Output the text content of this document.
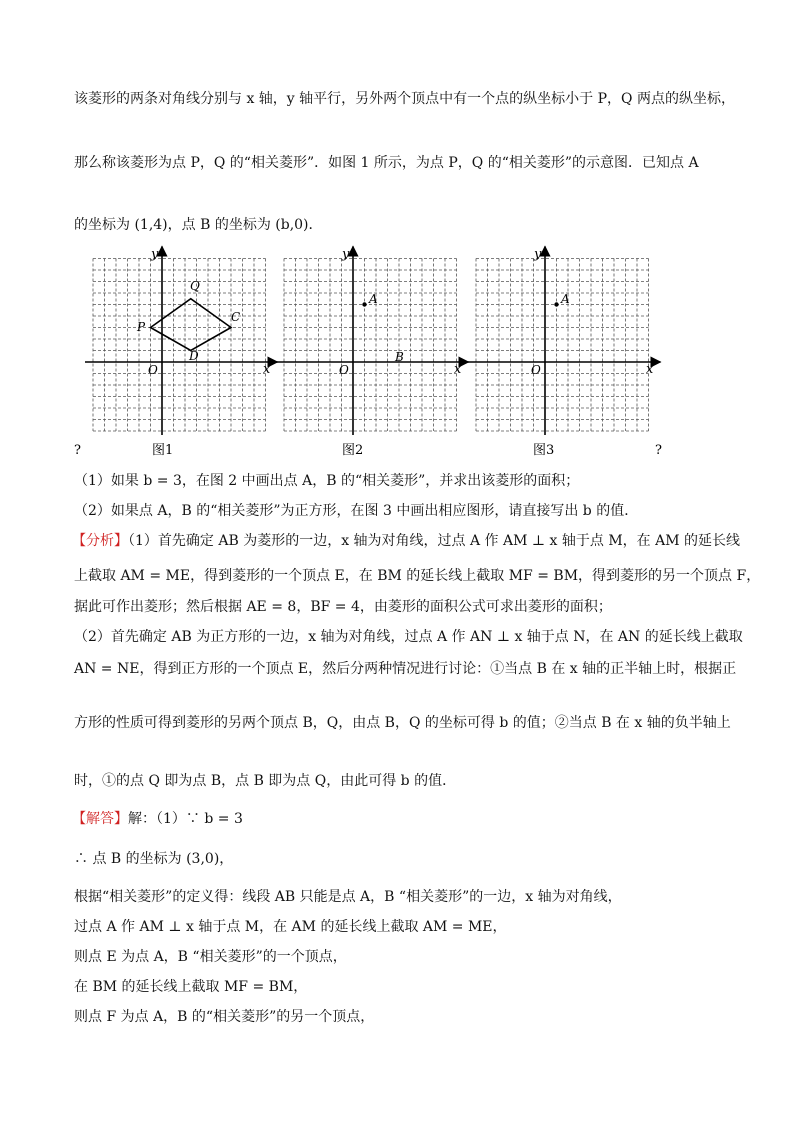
该菱形的两条对角线分别与 x 轴，y 轴平行，另外两个顶点中有一个点的纵坐标小于 P，Q 两点的纵坐标，
那么称该菱形为点 P，Q 的“相关菱形”．如图 1 所示，为点 P，Q 的“相关菱形”的示意图．已知点 A
的坐标为 (1,4)，点 B 的坐标为 (b,0)．
y
x
O
Q
P
C
D
y
x
O
A
B
y
x
O
A
?	图1	图2	图3	?
（1）如果 b = 3，在图 2 中画出点 A，B 的“相关菱形”，并求出该菱形的面积；
（2）如果点 A，B 的“相关菱形”为正方形，在图 3 中画出相应图形，请直接写出 b 的值．
【分析】（1）首先确定 AB 为菱形的一边，x 轴为对角线，过点 A 作 AM ⊥ x 轴于点 M，在 AM 的延长线
上截取 AM = ME，得到菱形的一个顶点 E，在 BM 的延长线上截取 MF = BM，得到菱形的另一个顶点 F，
据此可作出菱形；然后根据 AE = 8，BF = 4，由菱形的面积公式可求出菱形的面积；
（2）首先确定 AB 为正方形的一边，x 轴为对角线，过点 A 作 AN ⊥ x 轴于点 N，在 AN 的延长线上截取
AN = NE，得到正方形的一个顶点 E，然后分两种情况进行讨论：①当点 B 在 x 轴的正半轴上时，根据正
方形的性质可得到菱形的另两个顶点 B，Q，由点 B，Q 的坐标可得 b 的值；②当点 B 在 x 轴的负半轴上
时，①的点 Q 即为点 B，点 B 即为点 Q，由此可得 b 的值．
【解答】解：（1）∵ b = 3
∴ 点 B 的坐标为 (3,0)，
根据“相关菱形”的定义得：线段 AB 只能是点 A，B “相关菱形”的一边，x 轴为对角线，
过点 A 作 AM ⊥ x 轴于点 M，在 AM 的延长线上截取 AM = ME，
则点 E 为点 A，B “相关菱形”的一个顶点，
在 BM 的延长线上截取 MF = BM，
则点 F 为点 A，B 的“相关菱形”的另一个顶点，
